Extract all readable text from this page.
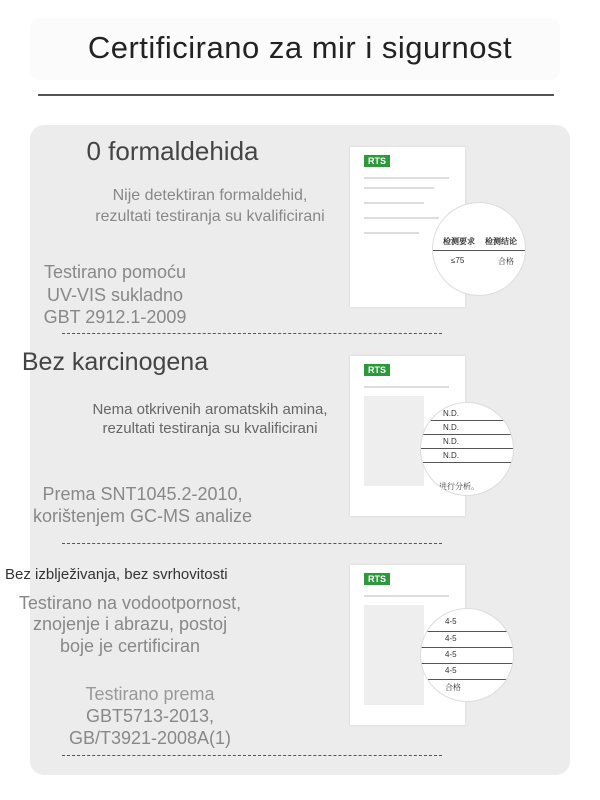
Certificirano za mir i sigurnost
0 formaldehida
Nije detektiran formaldehid,
rezultati testiranja su kvalificirani
Testirano pomoću
UV-VIS sukladno
GBT 2912.1-2009
RTS
检测要求 检测结论
≤75	合格
Bez karcinogena
Nema otkrivenih aromatskih amina,
rezultati testiranja su kvalificirani
Prema SNT1045.2-2010,
korištenjem GC-MS analize
RTS
N.D.
N.D.
N.D.
N.D.
进行分析。
Bez izblježivanja, bez svrhovitosti
Testirano na vodootpornost,
znojenje i abrazu, postoj
boje je certificiran
Testirano prema
GBT5713-2013,
GB/T3921-2008A(1)
RTS
4-5
4-5
4-5
4-5
合格
